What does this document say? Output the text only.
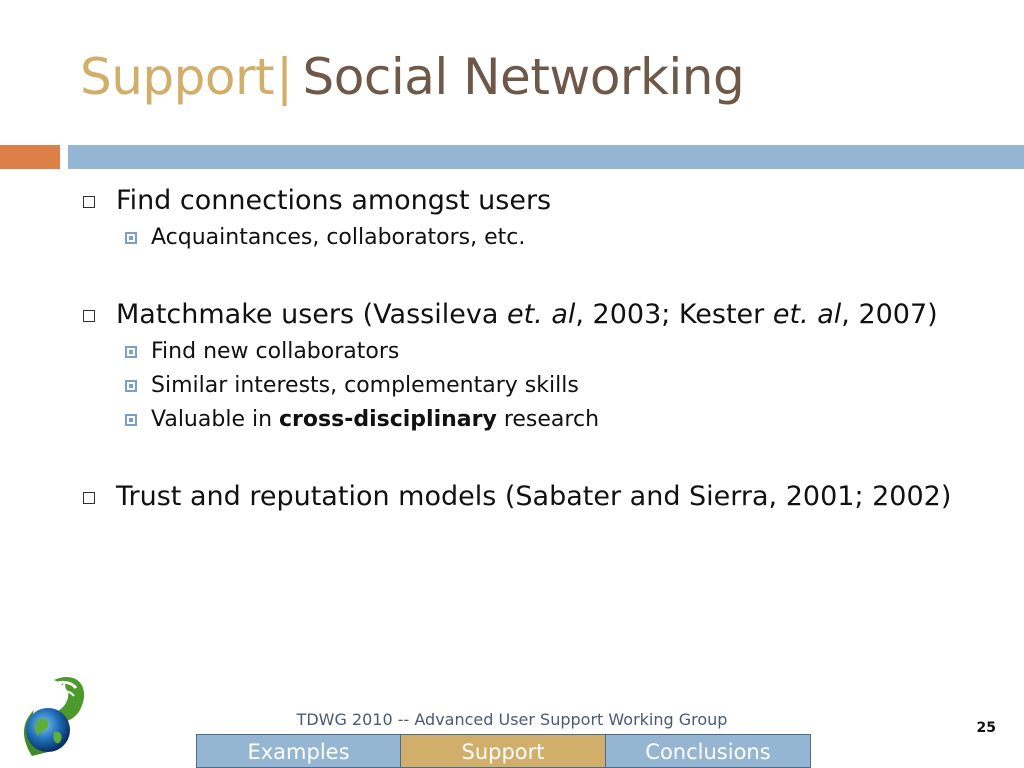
Support| Social Networking
Find connections amongst users
Acquaintances, collaborators, etc.
Matchmake users (Vassileva et. al, 2003; Kester et. al, 2007)
Find new collaborators
Similar interests, complementary skills
Valuable in cross-disciplinary research
Trust and reputation models (Sabater and Sierra, 2001; 2002)
TDWG 2010 -- Advanced User Support Working Group	25
Examples	Support	Conclusions
